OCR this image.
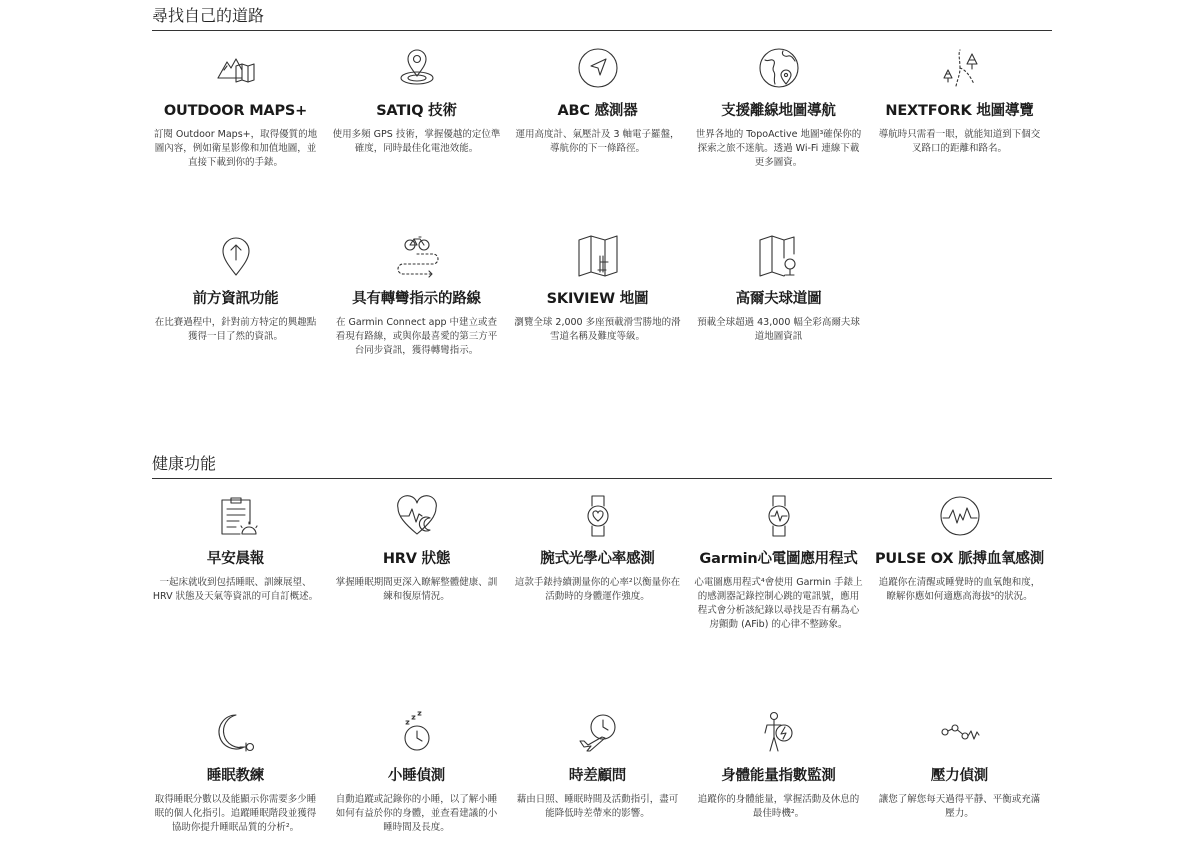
尋找自己的道路
OUTDOOR MAPS+

訂閱 Outdoor Maps+，取得優質的地圖內容，例如衛星影像和加值地圖，並直接下載到你的手錶。

SATIQ 技術

使用多頻 GPS 技術，掌握優越的定位準確度，同時最佳化電池效能。

ABC 感測器

運用高度計、氣壓計及 3 軸電子羅盤，導航你的下一條路徑。

支援離線地圖導航

世界各地的 TopoActive 地圖³確保你的探索之旅不迷航。透過 Wi-Fi 連線下載更多圖資。

NEXTFORK 地圖導覽

導航時只需看一眼，就能知道到下個交叉路口的距離和路名。

前方資訊功能

在比賽過程中，針對前方特定的興趣點獲得一目了然的資訊。

具有轉彎指示的路線

在 Garmin Connect app 中建立或查看現有路線，或與你最喜愛的第三方平台同步資訊，獲得轉彎指示。

SKIVIEW 地圖

瀏覽全球 2,000 多座預載滑雪勝地的滑雪道名稱及難度等級。

高爾夫球道圖

預載全球超過 43,000 幅全彩高爾夫球道地圖資訊

健康功能
早安晨報

一起床就收到包括睡眠、訓練展望、HRV 狀態及天氣等資訊的可自訂概述。

HRV 狀態

掌握睡眠期間更深入瞭解整體健康、訓練和復原情況。

腕式光學心率感測

這款手錶持續測量你的心率²以衡量你在活動時的身體運作強度。

Garmin心電圖應用程式

心電圖應用程式⁴會使用 Garmin 手錶上的感測器記錄控制心跳的電訊號，應用程式會分析該紀錄以尋找是否有稱為心房顫動 (AFib) 的心律不整跡象。

PULSE OX 脈搏血氧感測

追蹤你在清醒或睡覺時的血氧飽和度，瞭解你應如何適應高海拔⁵的狀況。

睡眠教練

取得睡眠分數以及能顯示你需要多少睡眠的個人化指引。追蹤睡眠階段並獲得協助你提升睡眠品質的分析²。

小睡偵測

自動追蹤或記錄你的小睡，以了解小睡如何有益於你的身體，並查看建議的小睡時間及長度。

時差顧問

藉由日照、睡眠時間及活動指引，盡可能降低時差帶來的影響。

身體能量指數監測

追蹤你的身體能量，掌握活動及休息的最佳時機²。

壓力偵測

讓您了解您每天過得平靜、平衡或充滿壓力。
